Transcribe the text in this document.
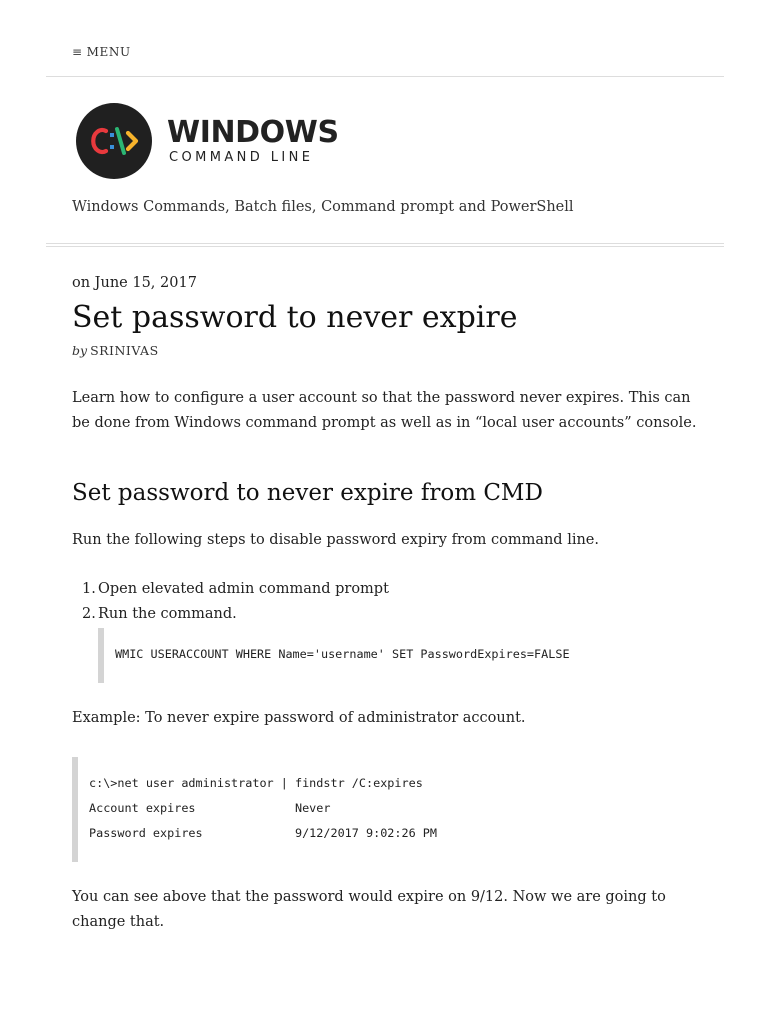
≡ MENU
WINDOWS
COMMAND LINE
Windows Commands, Batch files, Command prompt and PowerShell
on June 15, 2017
Set password to never expire
by SRINIVAS

Learn how to configure a user account so that the password never expires. This can be done from Windows command prompt as well as in “local user accounts” console.

Set password to never expire from CMD

Run the following steps to disable password expiry from command line.

1. Open elevated admin command prompt
2. Run the command.
WMIC USERACCOUNT WHERE Name='username' SET PasswordExpires=FALSE

Example: To never expire password of administrator account.

c:\>net user administrator | findstr /C:expires
Account expires              Never
Password expires             9/12/2017 9:02:26 PM

You can see above that the password would expire on 9/12. Now we are going to change that.
